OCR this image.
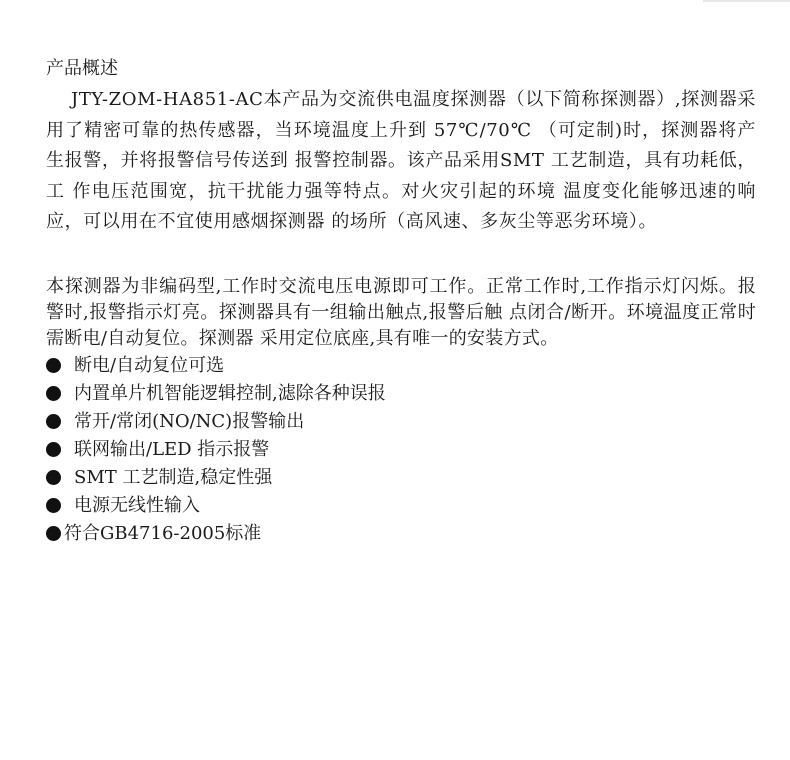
产品概述

JTY-ZOM-HA851-AC本产品为交流供电温度探测器（以下简称探测器）,探测器采 用了精密可靠的热传感器，当环境温度上升到 57℃/70℃ （可定制)时，探测器将产生报警，并将报警信号传送到 报警控制器。该产品采用SMT 工艺制造，具有功耗低，工 作电压范围宽，抗干扰能力强等特点。对火灾引起的环境 温度变化能够迅速的响应，可以用在不宜使用感烟探测器 的场所（高风速、多灰尘等恶劣环境）。

本探测器为非编码型,工作时交流电压电源即可工作。正常工作时,工作指示灯闪烁。报 警时,报警指示灯亮。探测器具有一组输出触点,报警后触 点闭合/断开。环境温度正常时需断电/自动复位。探测器 采用定位底座,具有唯一的安装方式。

断电/自动复位可选
内置单片机智能逻辑控制,滤除各种误报
常开/常闭(NO/NC)报警输出
联网输出/LED 指示报警
SMT 工艺制造,稳定性强
电源无线性输入
符合GB4716-2005标准
